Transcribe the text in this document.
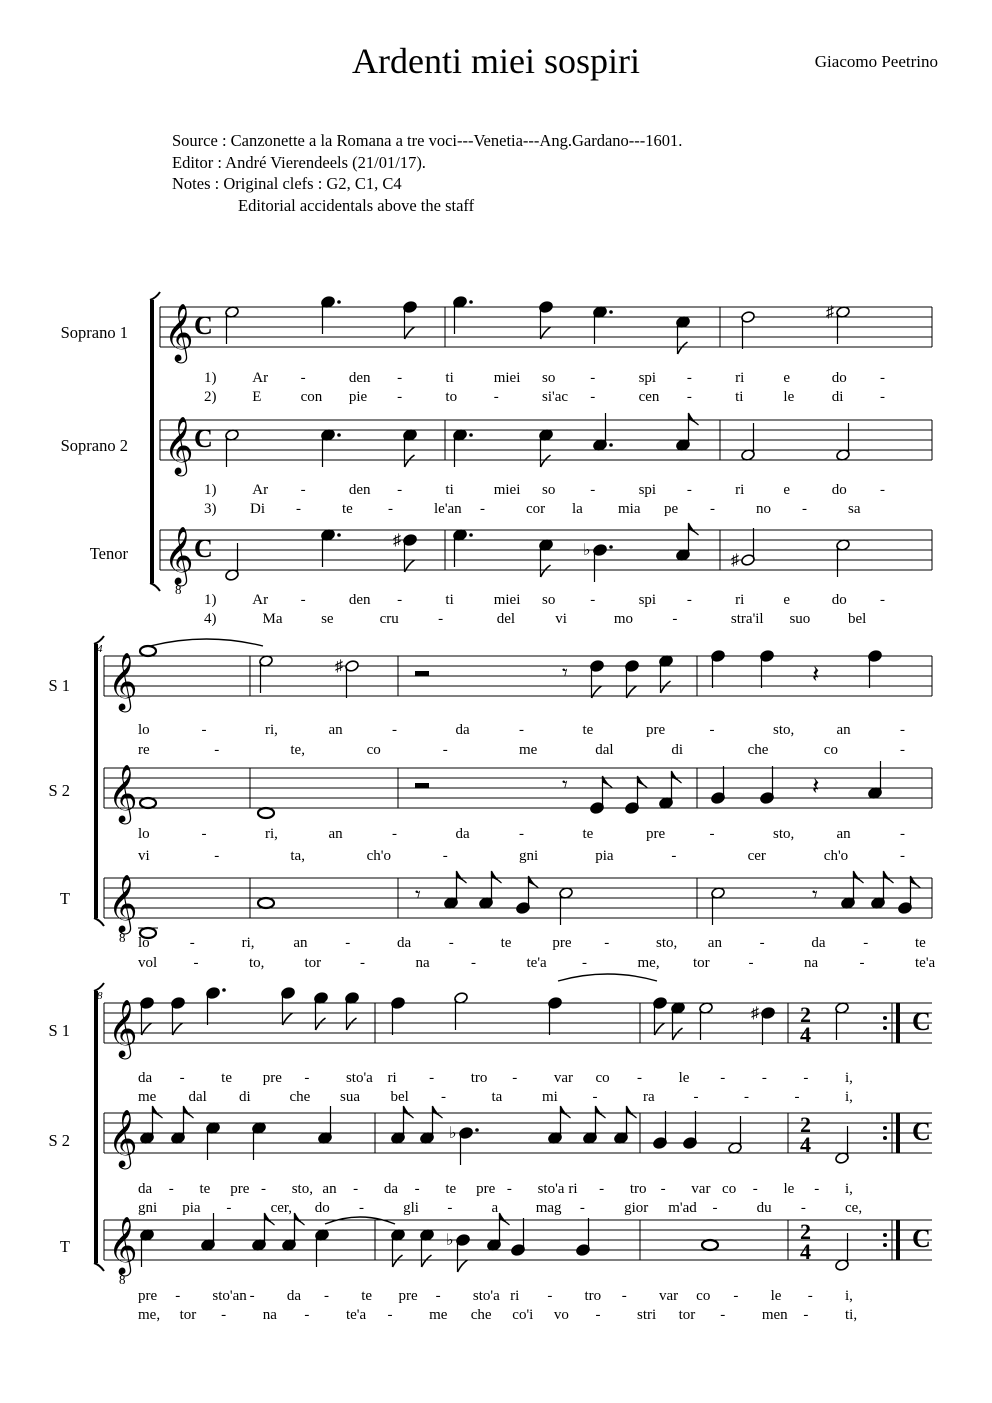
Ardenti miei sospiri	Giacomo Peetrino
Source : Canzonette a la Romana a tre voci---Venetia---Ang.Gardano---1601.
Editor : André Vierendeels (21/01/17).
Notes : Original clefs : G2, C1, C4
Editorial accidentals above the staff
Soprano 1
Soprano 2
Tenor
S 1
S 2
T
S 1
S 2
T
𝄞 C
𝄞 C
𝄞
8
C
♯
♯
♭
♯
4
𝄞
𝄞
𝄞
8
♯	𝄾	𝄽
𝄾	𝄽
𝄾	𝄾
8
𝄞	2
4	C
𝄞	2
4	C
𝄞
8
2
4	C
♯
♭
♭
1) Ar -	den -	ti	miei so -	spi -	ri	e	do -
2) E	con pie -	to -	si'ac -	cen -	ti	le di -
1) Ar -	den -	ti	miei so -	spi -	ri	e	do -
3) Di -	te -	le'an -	cor la mia pe -	no -	sa
1) Ar -	den -	ti	miei so -	spi -	ri	e	do -
4)	Ma	se	cru	-	del	vi	mo	-	stra'il suo	bel
lo	-	ri,	an	-	da	-	te	pre	-	sto,	an	-
re	-	te,	co	-	me	dal	di	che	co	-
lo	-	ri,	an	-	da	-	te	pre	-	sto,	an	-
vi	-	ta,	ch'o	-	gni	pia	-	cer	ch'o	-
lo	-	ri,	an	-	da	-	te	pre -	sto, an	-	da	-	te
vol -	to,	tor	-	na	-	te'a -	me, tor	-	na	-	te'a
da - te pre - sto'a ri - tro - var co - le - - - i,
me dal di	che sua bel -	ta	mi -	ra	-	-	-	i,
da - te pre - sto, an - da - te pre - sto'a ri - tro - var co - le - i,
gni pia -	cer, do -	gli -	a	mag -	gior m'ad -	du -	ce,
pre - sto'an - da - te pre - sto'a ri - tro - var co - le - i,
me, tor - na - te'a - me che co'i vo - stri tor - men - ti,
